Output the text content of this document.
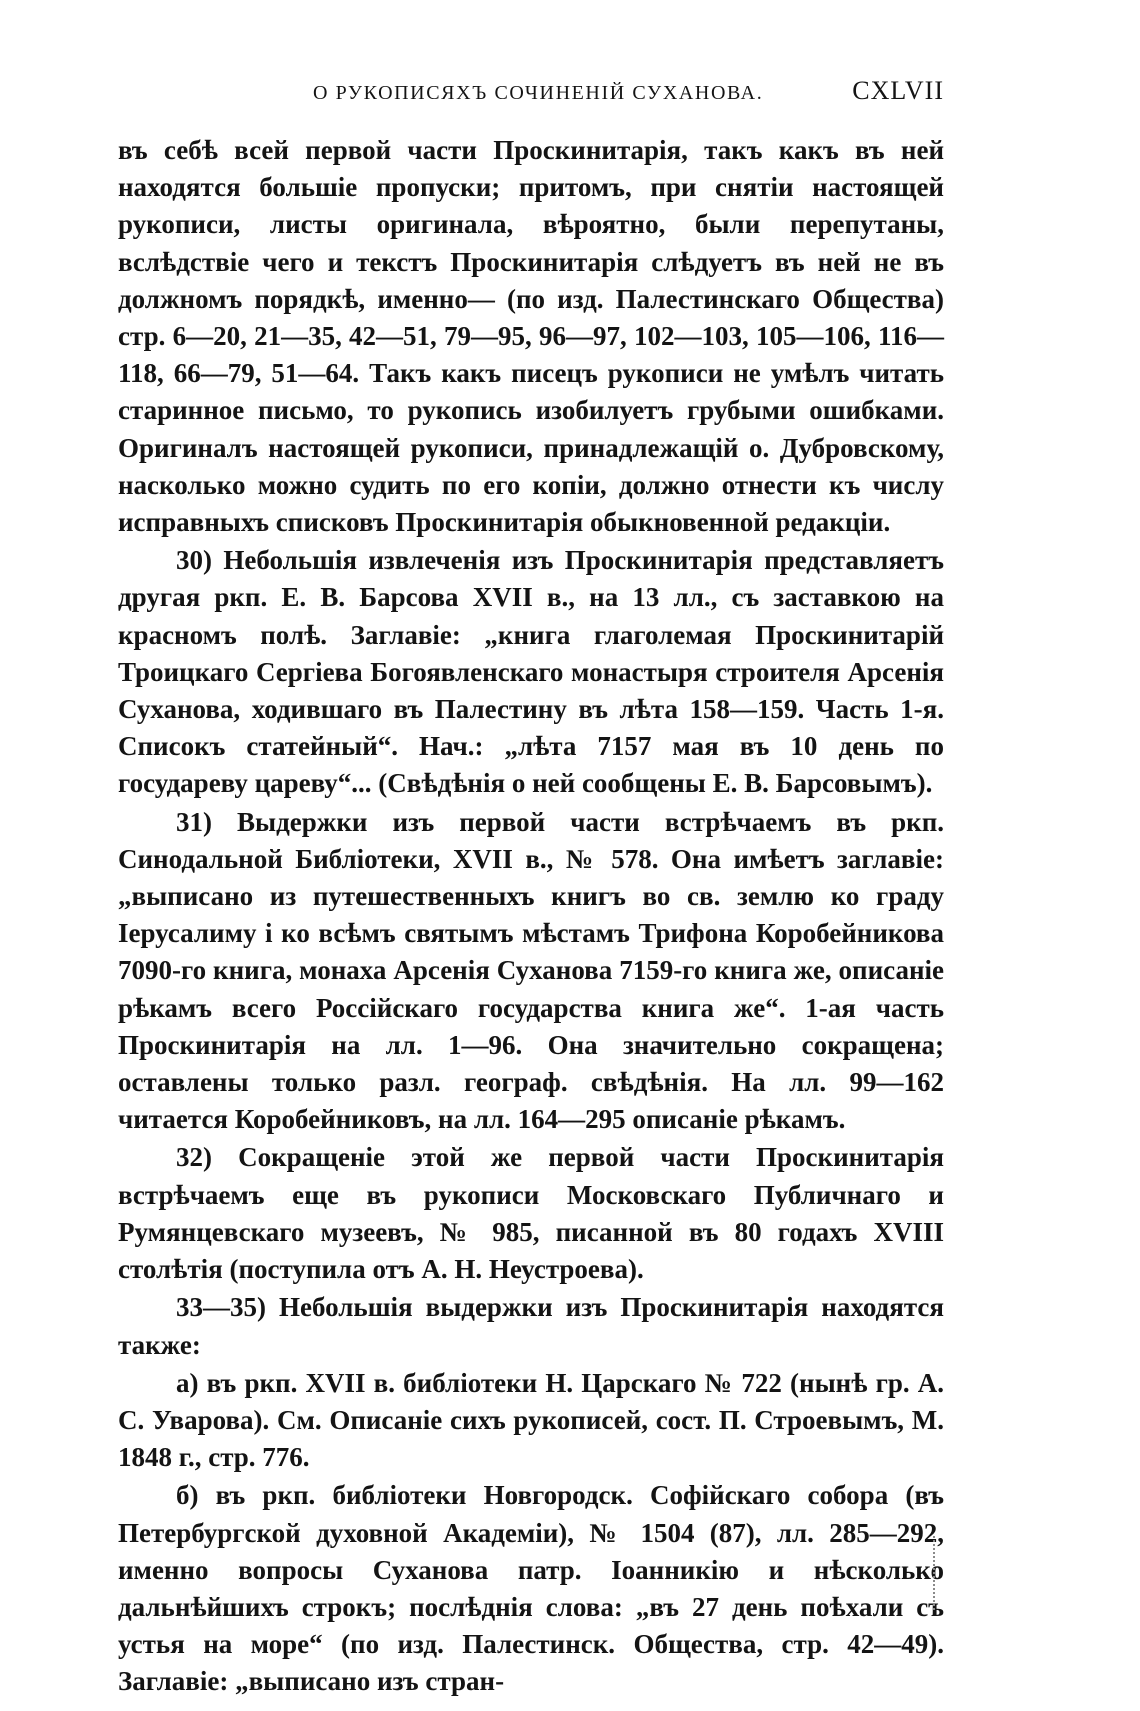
О РУКОПИСЯХЪ СОЧИНЕНІЙ СУХАНОВА.	CXLVII

въ себѣ всей первой части Проскинитарія, такъ какъ въ ней находятся большіе пропуски; притомъ, при снятіи настоящей рукописи, листы оригинала, вѣроятно, были перепутаны, вслѣдствіе чего и текстъ Проскинитарія слѣдуетъ въ ней не въ должномъ порядкѣ, именно— (по изд. Палестинскаго Общества) стр. 6—20, 21—35, 42—51, 79—95, 96—97, 102—103, 105—106, 116—118, 66—79, 51—64. Такъ какъ писецъ рукописи не умѣлъ читать старинное письмо, то рукопись изобилуетъ грубыми ошибками. Оригиналъ настоящей рукописи, принадлежащій о. Дубровскому, насколько можно судить по его копіи, должно отнести къ числу исправныхъ списковъ Проскинитарія обыкновенной редакціи.

30) Небольшія извлеченія изъ Проскинитарія представляетъ другая ркп. Е. В. Барсова XVII в., на 13 лл., съ заставкою на красномъ полѣ. Заглавіе: „книга глаголемая Проскинитарій Троицкаго Сергіева Богоявленскаго монастыря строителя Арсенія Суханова, ходившаго въ Палестину въ лѣта 158—159. Часть 1-я. Списокъ статейный“. Нач.: „лѣта 7157 мая въ 10 день по государеву цареву“... (Свѣдѣнія о ней сообщены Е. В. Барсовымъ).

31) Выдержки изъ первой части встрѣчаемъ въ ркп. Синодальной Библіотеки, XVII в., № 578. Она имѣетъ заглавіе: „выписано из путешественныхъ книгъ во св. землю ко граду Іерусалиму і ко всѣмъ святымъ мѣстамъ Трифона Коробейникова 7090-го книга, монаха Арсенія Суханова 7159-го книга же, описаніе рѣкамъ всего Россійскаго государства книга же“. 1-ая часть Проскинитарія на лл. 1—96. Она значительно сокращена; оставлены только разл. географ. свѣдѣнія. На лл. 99—162 читается Коробейниковъ, на лл. 164—295 описаніе рѣкамъ.

32) Сокращеніе этой же первой части Проскинитарія встрѣчаемъ еще въ рукописи Московскаго Публичнаго и Румянцевскаго музеевъ, № 985, писанной въ 80 годахъ XVIII столѣтія (поступила отъ А. Н. Неустроева).

33—35) Небольшія выдержки изъ Проскинитарія находятся также:

а) въ ркп. XVII в. библіотеки Н. Царскаго № 722 (нынѣ гр. А. С. Уварова). См. Описаніе сихъ рукописей, сост. П. Строевымъ, М. 1848 г., стр. 776.

б) въ ркп. библіотеки Новгородск. Софійскаго собора (въ Петербургской духовной Академіи), № 1504 (87), лл. 285—292, именно вопросы Суханова патр. Іоанникію и нѣсколько дальнѣйшихъ строкъ; послѣднія слова: „въ 27 день поѣхали съ устья на море“ (по изд. Палестинск. Общества, стр. 42—49). Заглавіе: „выписано изъ стран-
